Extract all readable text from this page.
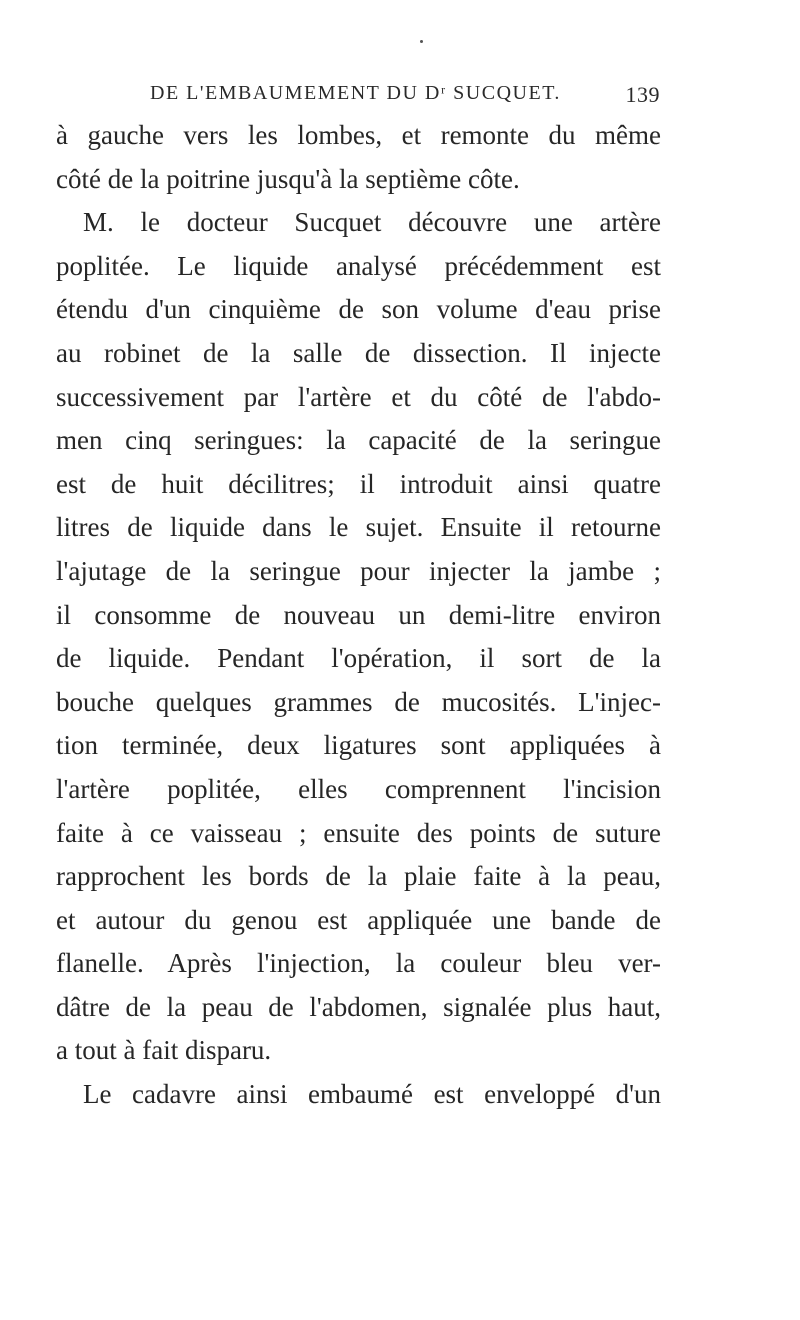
DE L'EMBAUMEMENT DU Dʳ SUCQUET.	139
à gauche vers les lombes, et remonte du même
côté de la poitrine jusqu'à la septième côte.
M. le docteur Sucquet découvre une artère
poplitée. Le liquide analysé précédemment est
étendu d'un cinquième de son volume d'eau prise
au robinet de la salle de dissection. Il injecte
successivement par l'artère et du côté de l'abdo-
men cinq seringues: la capacité de la seringue
est de huit décilitres; il introduit ainsi quatre
litres de liquide dans le sujet. Ensuite il retourne
l'ajutage de la seringue pour injecter la jambe ;
il consomme de nouveau un demi-litre environ
de liquide. Pendant l'opération, il sort de la
bouche quelques grammes de mucosités. L'injec-
tion terminée, deux ligatures sont appliquées à
l'artère poplitée, elles comprennent l'incision
faite à ce vaisseau ; ensuite des points de suture
rapprochent les bords de la plaie faite à la peau,
et autour du genou est appliquée une bande de
flanelle. Après l'injection, la couleur bleu ver-
dâtre de la peau de l'abdomen, signalée plus haut,
a tout à fait disparu.
Le cadavre ainsi embaumé est enveloppé d'un
